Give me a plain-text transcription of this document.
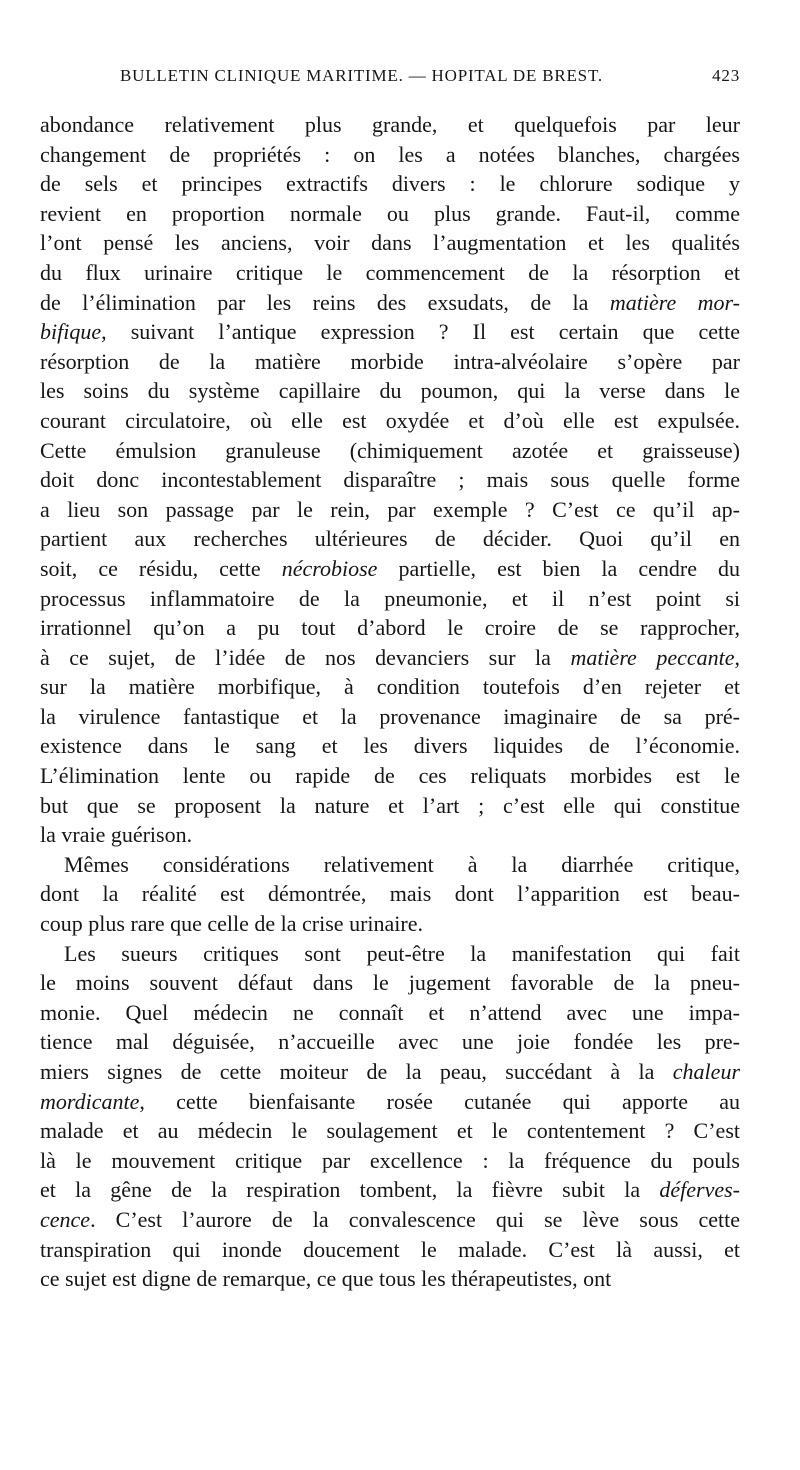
BULLETIN CLINIQUE MARITIME. — HOPITAL DE BREST.	423
abondance relativement plus grande, et quelquefois par leur
changement de propriétés : on les a notées blanches, chargées
de sels et principes extractifs divers : le chlorure sodique y
revient en proportion normale ou plus grande. Faut-il, comme
l’ont pensé les anciens, voir dans l’augmentation et les qualités
du flux urinaire critique le commencement de la résorption et
de l’élimination par les reins des exsudats, de la matière mor-
bifique, suivant l’antique expression ? Il est certain que cette
résorption de la matière morbide intra-alvéolaire s’opère par
les soins du système capillaire du poumon, qui la verse dans le
courant circulatoire, où elle est oxydée et d’où elle est expulsée.
Cette émulsion granuleuse (chimiquement azotée et graisseuse)
doit donc incontestablement disparaître ; mais sous quelle forme
a lieu son passage par le rein, par exemple ? C’est ce qu’il ap-
partient aux recherches ultérieures de décider. Quoi qu’il en
soit, ce résidu, cette nécrobiose partielle, est bien la cendre du
processus inflammatoire de la pneumonie, et il n’est point si
irrationnel qu’on a pu tout d’abord le croire de se rapprocher,
à ce sujet, de l’idée de nos devanciers sur la matière peccante,
sur la matière morbifique, à condition toutefois d’en rejeter et
la virulence fantastique et la provenance imaginaire de sa pré-
existence dans le sang et les divers liquides de l’économie.
L’élimination lente ou rapide de ces reliquats morbides est le
but que se proposent la nature et l’art ; c’est elle qui constitue
la vraie guérison.
Mêmes considérations relativement à la diarrhée critique,
dont la réalité est démontrée, mais dont l’apparition est beau-
coup plus rare que celle de la crise urinaire.
Les sueurs critiques sont peut-être la manifestation qui fait
le moins souvent défaut dans le jugement favorable de la pneu-
monie. Quel médecin ne connaît et n’attend avec une impa-
tience mal déguisée, n’accueille avec une joie fondée les pre-
miers signes de cette moiteur de la peau, succédant à la chaleur
mordicante, cette bienfaisante rosée cutanée qui apporte au
malade et au médecin le soulagement et le contentement ? C’est
là le mouvement critique par excellence : la fréquence du pouls
et la gêne de la respiration tombent, la fièvre subit la déferves-
cence. C’est l’aurore de la convalescence qui se lève sous cette
transpiration qui inonde doucement le malade. C’est là aussi, et
ce sujet est digne de remarque, ce que tous les thérapeutistes, ont
